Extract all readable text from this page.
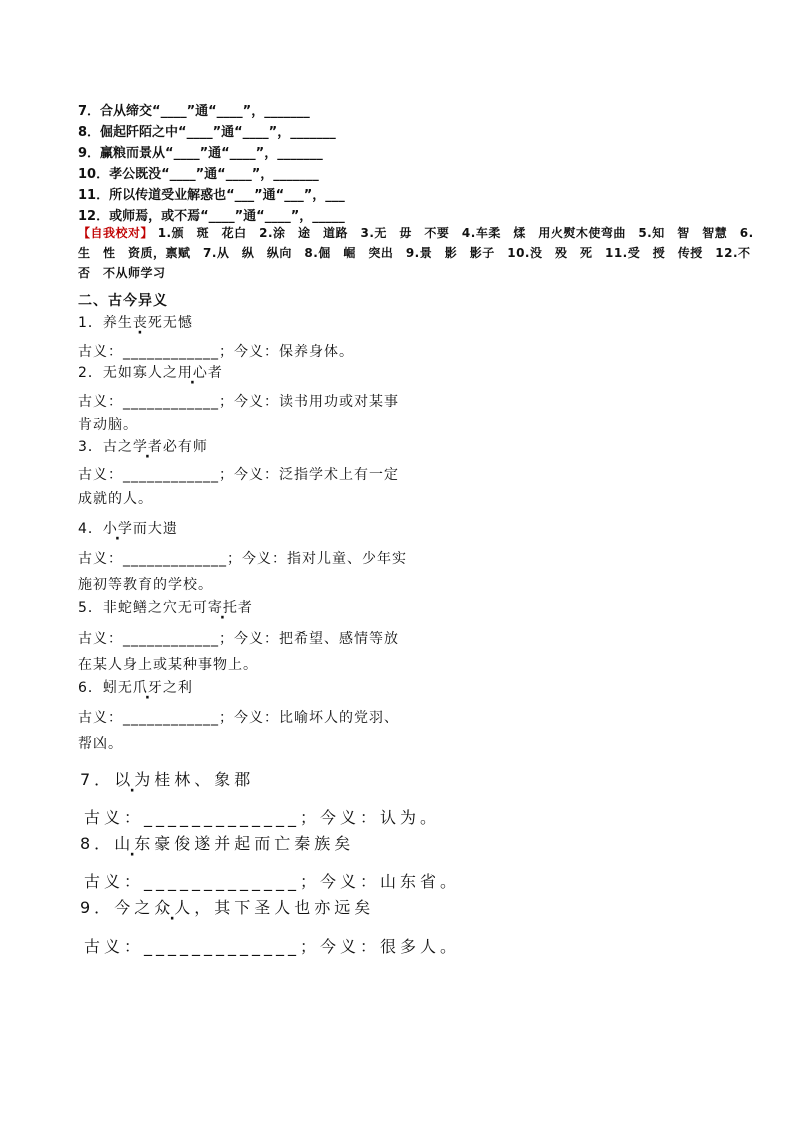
7．合从缔交“____”通“____”，_______
8．倔起阡陌之中“____”通“____”，_______
9．赢粮而景从“____”通“____”，_______
10．孝公既没“____”通“____”，_______
11．所以传道受业解惑也“___”通“___”，___
12．或师焉，或不焉“____”通“____”，_____
【自我校对】 1.颁　斑　花白　2.涂　途　道路　3.无　毋　不要　4.车柔　煣　用火熨木使弯曲　5.知　智　智慧　6.生　性　资质，禀赋　7.从　纵　纵向　8.倔　崛　突出　9.景　影　影子　10.没　殁　死　11.受　授　传授　12.不　否　不从师学习
二、古今异义
1．养生丧死无憾
古义：____________；今义：保养身体。
2．无如寡人之用心者
古义：____________；今义：读书用功或对某事
肯动脑。
3．古之学者必有师
古义：____________；今义：泛指学术上有一定
成就的人。
4．小学而大遗
古义：_____________；今义：指对儿童、少年实
施初等教育的学校。
5．非蛇鳝之穴无可寄托者
古义：____________；今义：把希望、感情等放
在某人身上或某种事物上。
6．蚓无爪牙之利
古义：____________；今义：比喻坏人的党羽、
帮凶。
7．以为桂林、象郡
古义：_____________；今义：认为。
8．山东豪俊遂并起而亡秦族矣
古义：_____________；今义：山东省。
9．今之众人，其下圣人也亦远矣
古义：_____________；今义：很多人。
